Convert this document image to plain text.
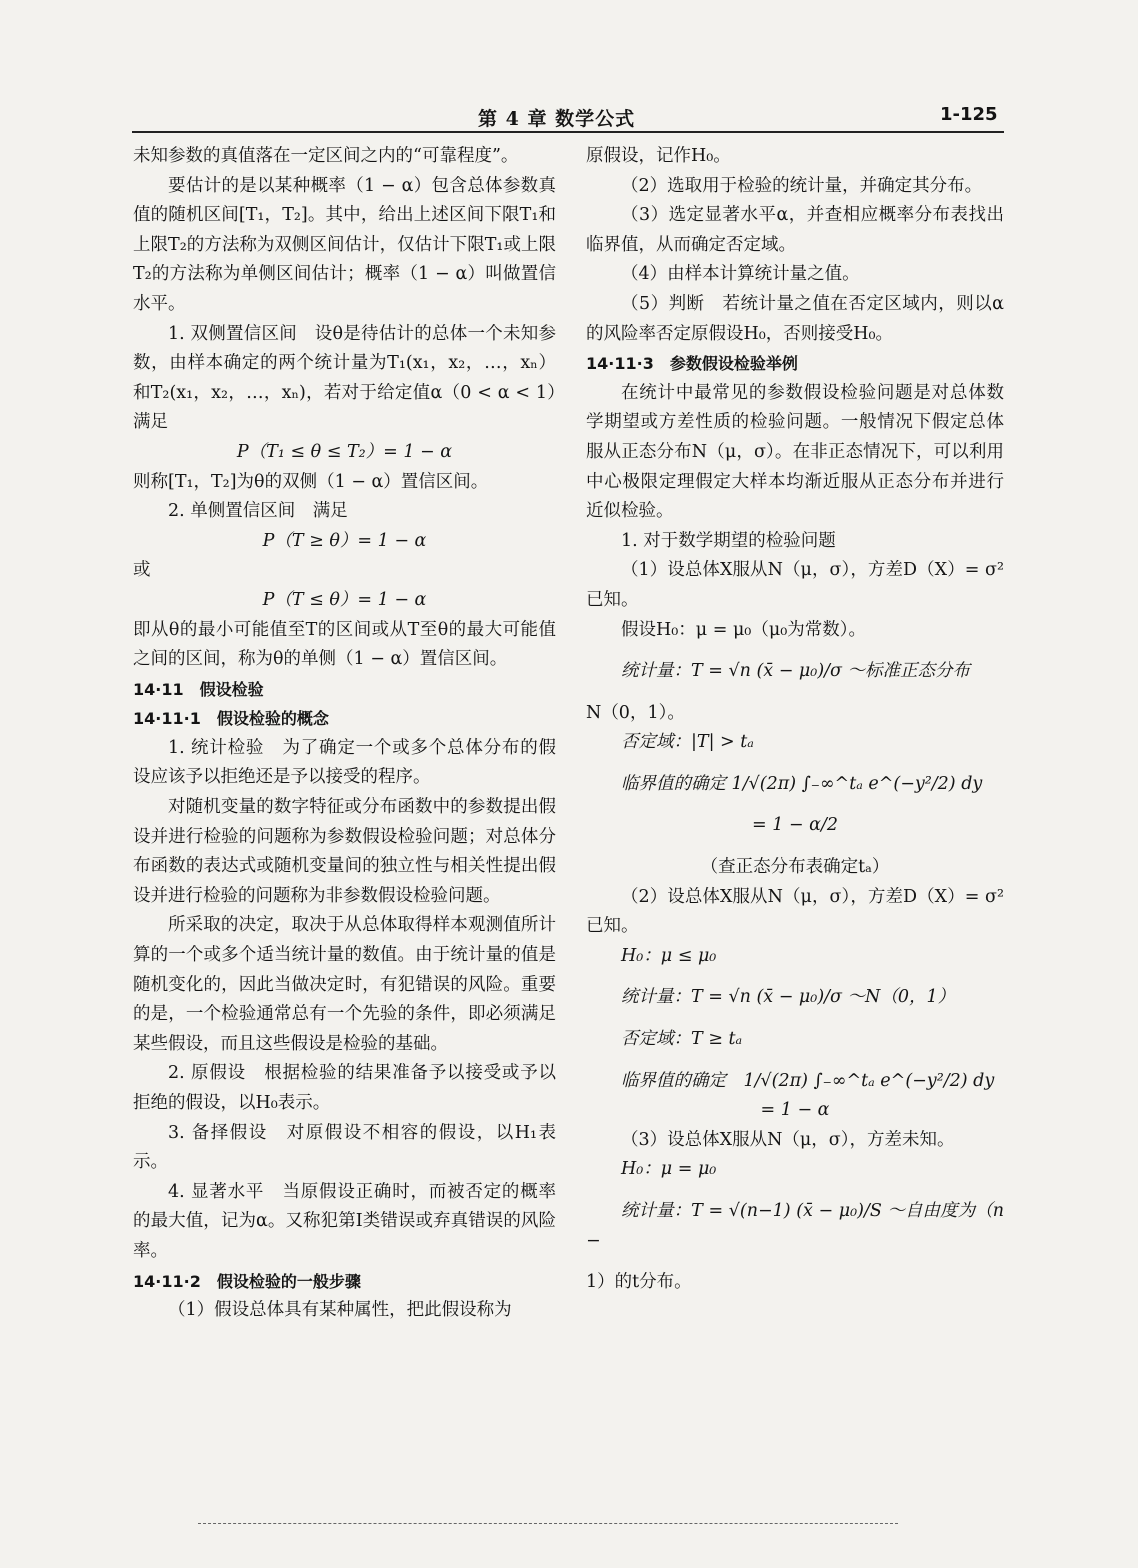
第 4 章 数学公式	1-125

未知参数的真值落在一定区间之内的“可靠程度”。

要估计的是以某种概率（1 − α）包含总体参数真值的随机区间[T₁，T₂]。其中，给出上述区间下限T₁和上限T₂的方法称为双侧区间估计，仅估计下限T₁或上限T₂的方法称为单侧区间估计；概率（1 − α）叫做置信水平。

1. 双侧置信区间　设θ是待估计的总体一个未知参数，由样本确定的两个统计量为T₁(x₁，x₂，…，xₙ）和T₂(x₁，x₂，…，xₙ)，若对于给定值α（0 < α < 1）满足

P（T₁ ≤ θ ≤ T₂）= 1 − α

则称[T₁，T₂]为θ的双侧（1 − α）置信区间。

2. 单侧置信区间　满足

P（T ≥ θ）= 1 − α

或

P（T ≤ θ）= 1 − α

即从θ的最小可能值至T的区间或从T至θ的最大可能值之间的区间，称为θ的单侧（1 − α）置信区间。

14·11　假设检验

14·11·1　假设检验的概念

1. 统计检验　为了确定一个或多个总体分布的假设应该予以拒绝还是予以接受的程序。

对随机变量的数字特征或分布函数中的参数提出假设并进行检验的问题称为参数假设检验问题；对总体分布函数的表达式或随机变量间的独立性与相关性提出假设并进行检验的问题称为非参数假设检验问题。

所采取的决定，取决于从总体取得样本观测值所计算的一个或多个适当统计量的数值。由于统计量的值是随机变化的，因此当做决定时，有犯错误的风险。重要的是，一个检验通常总有一个先验的条件，即必须满足某些假设，而且这些假设是检验的基础。

2. 原假设　根据检验的结果准备予以接受或予以拒绝的假设，以H₀表示。

3. 备择假设　对原假设不相容的假设，以H₁表示。

4. 显著水平　当原假设正确时，而被否定的概率的最大值，记为α。又称犯第Ⅰ类错误或弃真错误的风险率。

14·11·2　假设检验的一般步骤

（1）假设总体具有某种属性，把此假设称为

原假设，记作H₀。

（2）选取用于检验的统计量，并确定其分布。

（3）选定显著水平α，并查相应概率分布表找出临界值，从而确定否定域。

（4）由样本计算统计量之值。

（5）判断　若统计量之值在否定区域内，则以α的风险率否定原假设H₀，否则接受H₀。

14·11·3　参数假设检验举例

在统计中最常见的参数假设检验问题是对总体数学期望或方差性质的检验问题。一般情况下假定总体服从正态分布N（μ，σ）。在非正态情况下，可以利用中心极限定理假定大样本均渐近服从正态分布并进行近似检验。

1. 对于数学期望的检验问题

（1）设总体X服从N（μ，σ），方差D（X）= σ²已知。

假设H₀：μ = μ₀（μ₀为常数）。

统计量：T = √n (x̄ − μ₀)/σ ～标准正态分布

N（0，1）。

否定域：|T| > tₐ

临界值的确定 1/√(2π) ∫₋∞^tₐ e^(−y²/2) dy

= 1 − α/2

（查正态分布表确定tₐ）

（2）设总体X服从N（μ，σ），方差D（X）= σ²已知。

H₀：μ ≤ μ₀

统计量：T = √n (x̄ − μ₀)/σ ～N（0，1）

否定域：T ≥ tₐ

临界值的确定　1/√(2π) ∫₋∞^tₐ e^(−y²/2) dy

= 1 − α

（3）设总体X服从N（μ，σ），方差未知。

H₀：μ = μ₀

统计量：T = √(n−1) (x̄ − μ₀)/S ～自由度为（n −

1）的t分布。
